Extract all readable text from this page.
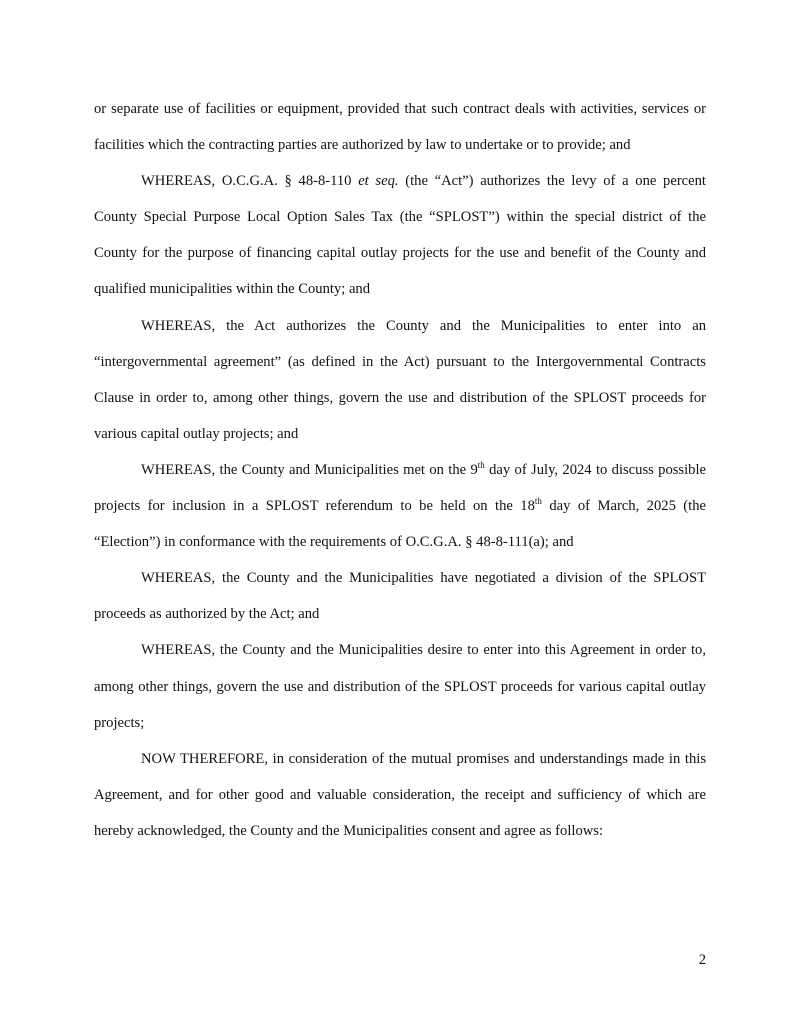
or separate use of facilities or equipment, provided that such contract deals with activities, services or facilities which the contracting parties are authorized by law to undertake or to provide; and

WHEREAS, O.C.G.A. § 48-8-110 et seq. (the “Act”) authorizes the levy of a one percent County Special Purpose Local Option Sales Tax (the “SPLOST”) within the special district of the County for the purpose of financing capital outlay projects for the use and benefit of the County and qualified municipalities within the County; and

WHEREAS, the Act authorizes the County and the Municipalities to enter into an “intergovernmental agreement” (as defined in the Act) pursuant to the Intergovernmental Contracts Clause in order to, among other things, govern the use and distribution of the SPLOST proceeds for various capital outlay projects; and

WHEREAS, the County and Municipalities met on the 9th day of July, 2024 to discuss possible projects for inclusion in a SPLOST referendum to be held on the 18th day of March, 2025 (the “Election”) in conformance with the requirements of O.C.G.A. § 48-8-111(a); and

WHEREAS, the County and the Municipalities have negotiated a division of the SPLOST proceeds as authorized by the Act; and

WHEREAS, the County and the Municipalities desire to enter into this Agreement in order to, among other things, govern the use and distribution of the SPLOST proceeds for various capital outlay projects;

NOW THEREFORE, in consideration of the mutual promises and understandings made in this Agreement, and for other good and valuable consideration, the receipt and sufficiency of which are hereby acknowledged, the County and the Municipalities consent and agree as follows:

2
